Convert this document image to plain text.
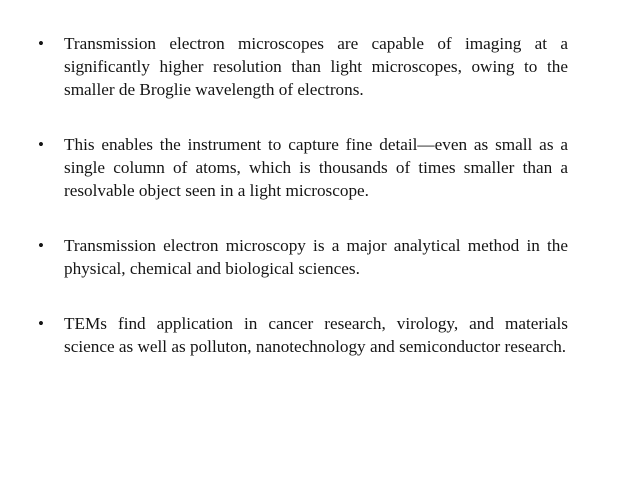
•	Transmission electron microscopes are capable of imaging at a significantly higher resolution than light microscopes, owing to the smaller de Broglie wavelength of electrons.
•	This enables the instrument to capture fine detail—even as small as a single column of atoms, which is thousands of times smaller than a resolvable object seen in a light microscope.
•	Transmission electron microscopy is a major analytical method in the physical, chemical and biological sciences.
•	TEMs find application in cancer research, virology, and materials science as well as polluton, nanotechnology and semiconductor research.
